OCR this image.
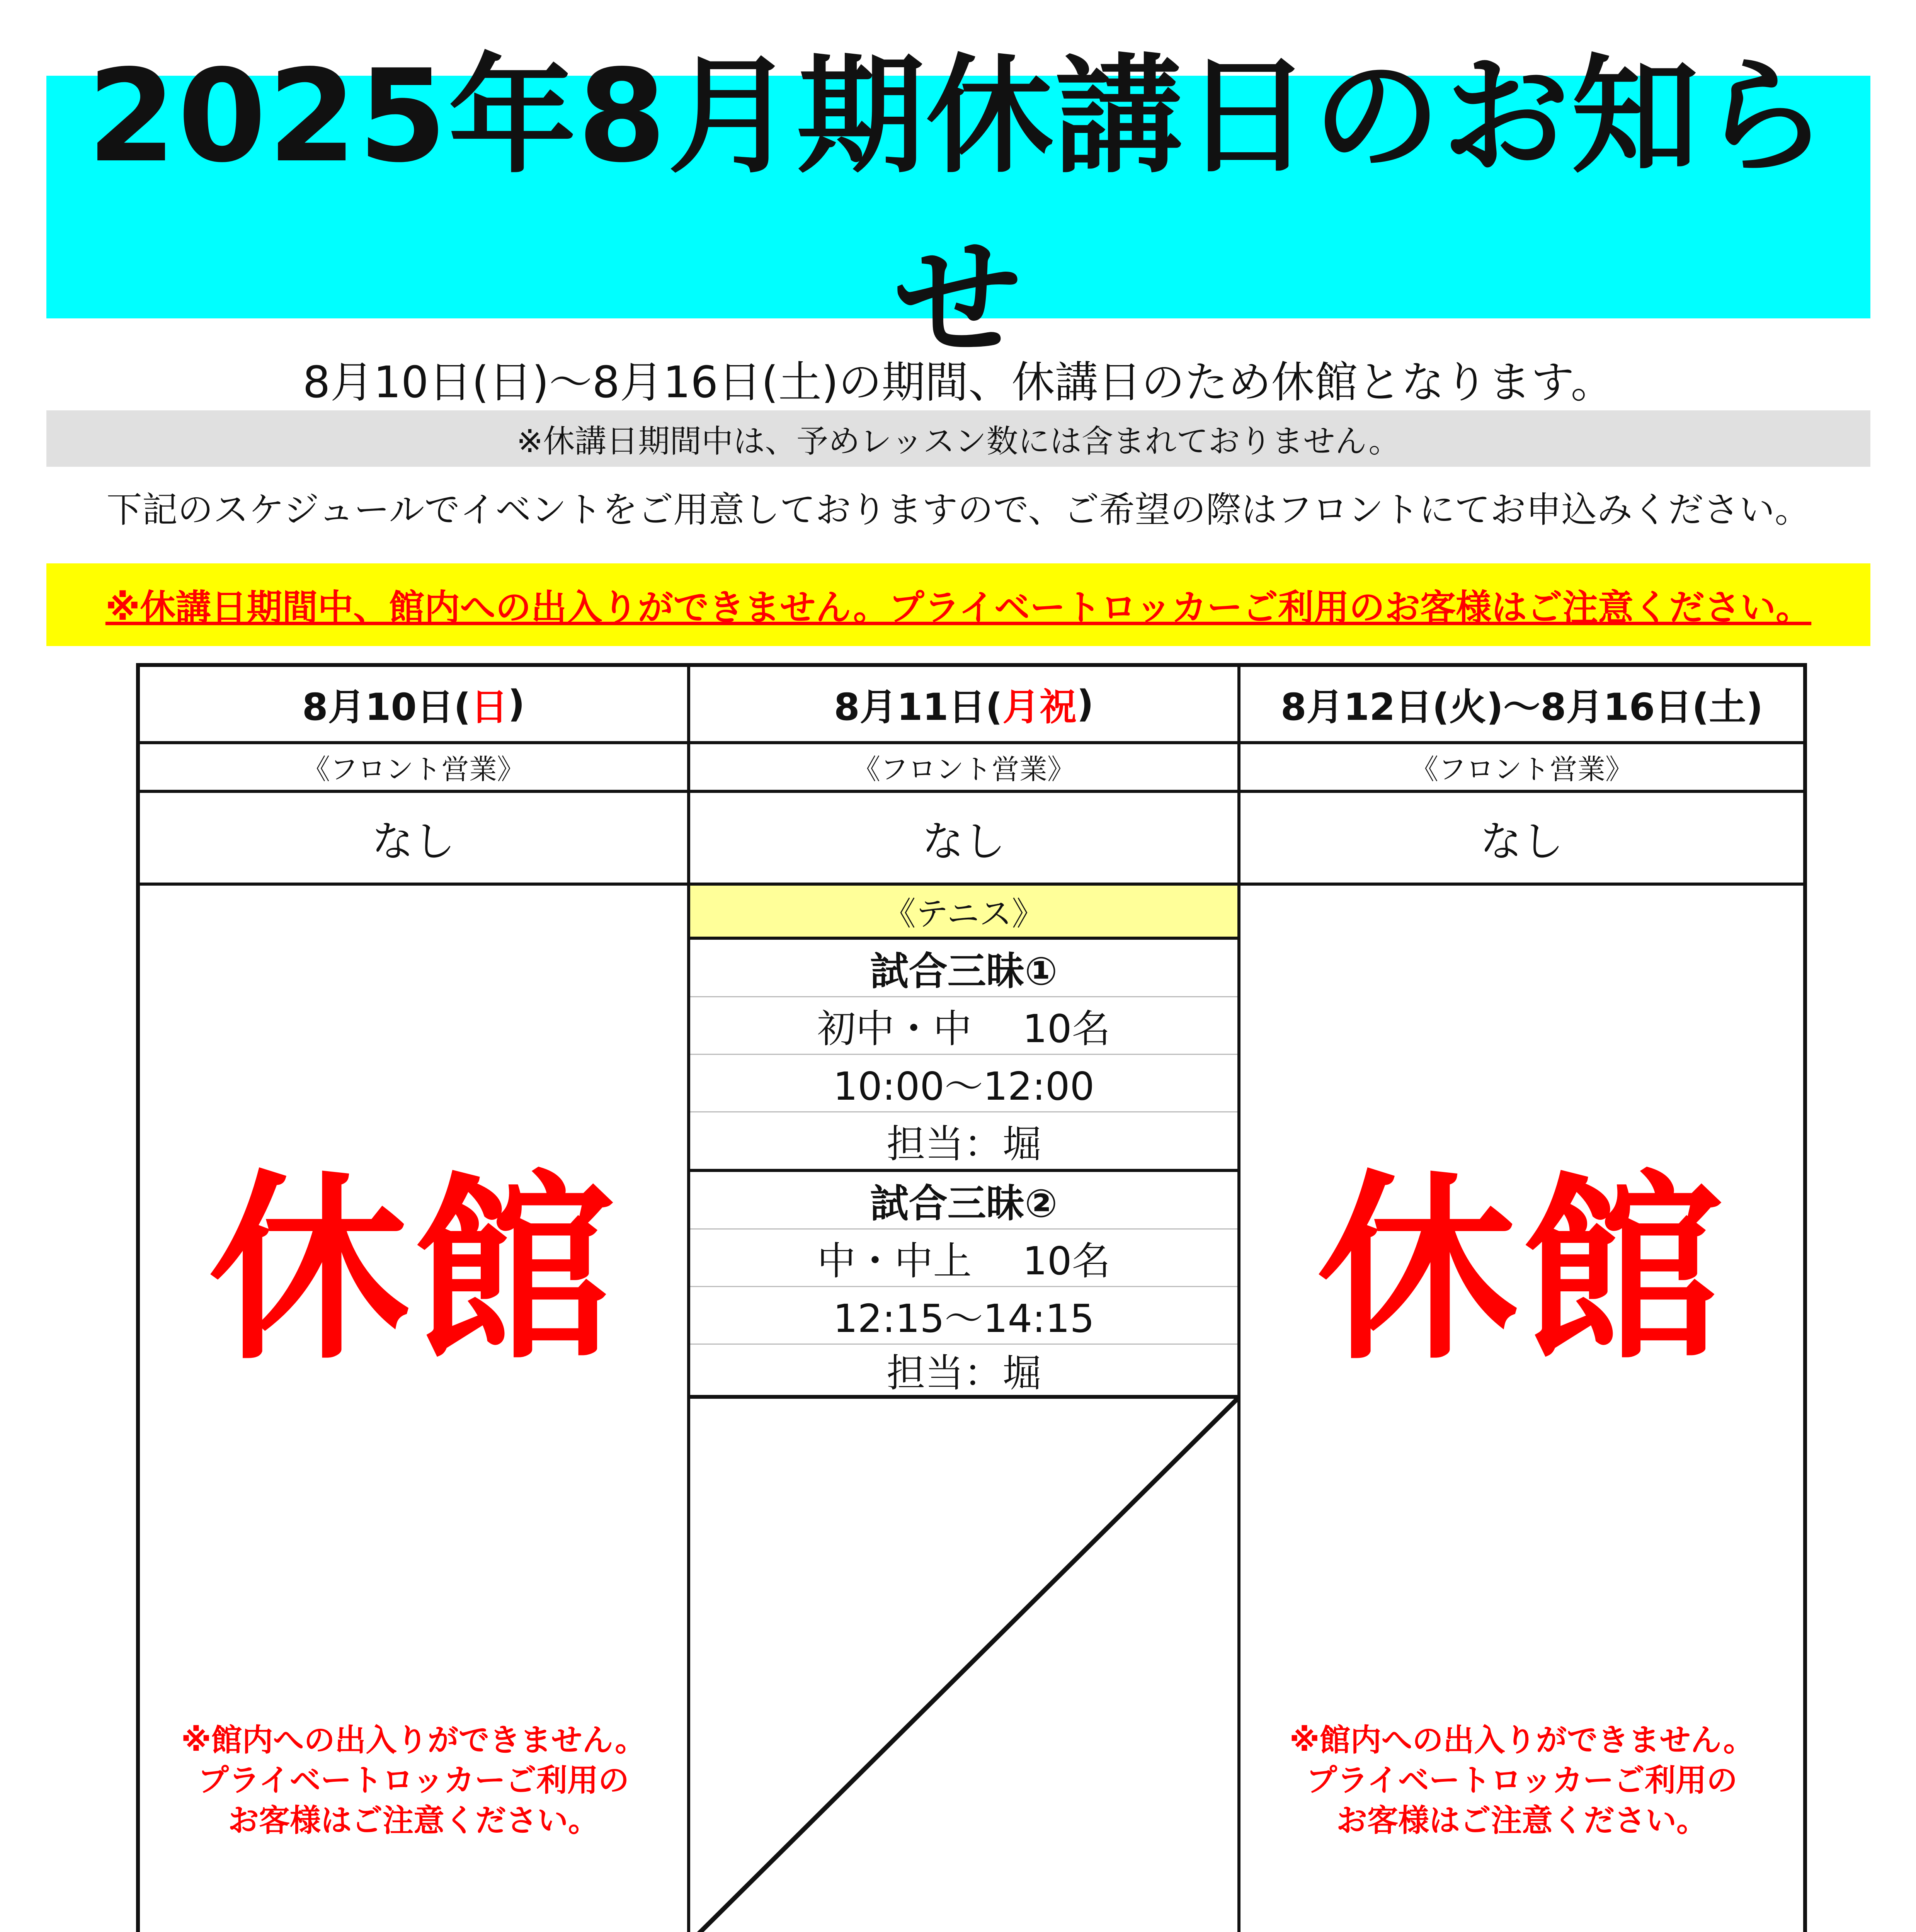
2025年8月期休講日のお知らせ
8月10日(日)～8月16日(土)の期間、休講日のため休館となります。
※休講日期間中は、予めレッスン数には含まれておりません。
下記のスケジュールでイベントをご用意しておりますので、ご希望の際はフロントにてお申込みください。
※休講日期間中、館内への出入りができません。プライベートロッカーご利用のお客様はご注意ください。
8月10日( 日 )
《フロント営業》
なし
休館
※館内への出入りができません。
プライベートロッカーご利用の
お客様はご注意ください。
8月11日( 月祝 )
《フロント営業》
なし
《テニス》
試合三昧①
初中・中　 10名
10:00～12:00
担当：堀
試合三昧②
中・中上　 10名
12:15～14:15
担当：堀
8月12日(火)～8月16日(土)
《フロント営業》
なし
休館
※館内への出入りができません。
プライベートロッカーご利用の
お客様はご注意ください。
